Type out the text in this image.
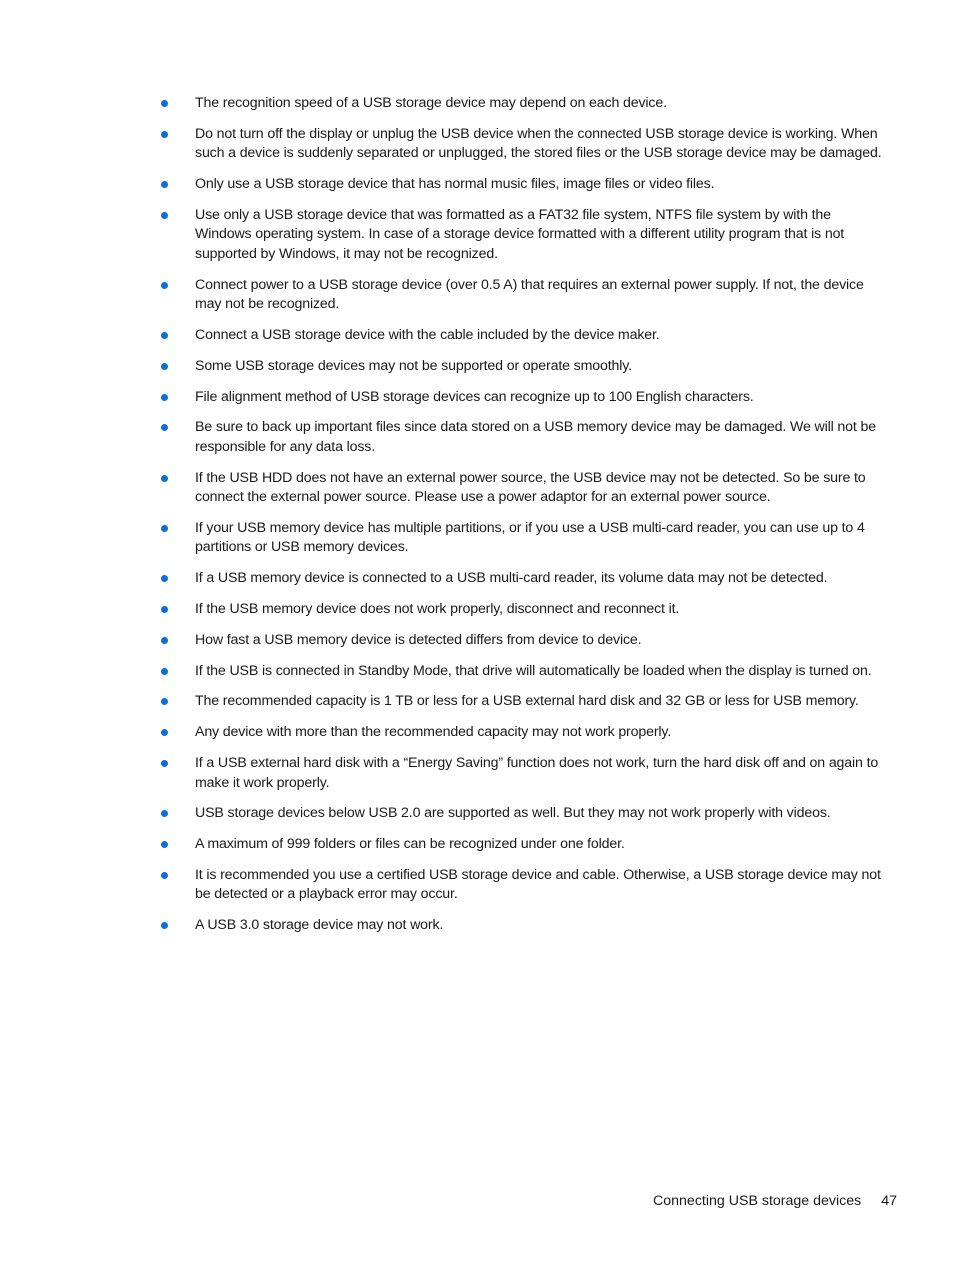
The recognition speed of a USB storage device may depend on each device.
Do not turn off the display or unplug the USB device when the connected USB storage device is working. When such a device is suddenly separated or unplugged, the stored files or the USB storage device may be damaged.
Only use a USB storage device that has normal music files, image files or video files.
Use only a USB storage device that was formatted as a FAT32 file system, NTFS file system by with the Windows operating system. In case of a storage device formatted with a different utility program that is not supported by Windows, it may not be recognized.
Connect power to a USB storage device (over 0.5 A) that requires an external power supply. If not, the device may not be recognized.
Connect a USB storage device with the cable included by the device maker.
Some USB storage devices may not be supported or operate smoothly.
File alignment method of USB storage devices can recognize up to 100 English characters.
Be sure to back up important files since data stored on a USB memory device may be damaged. We will not be responsible for any data loss.
If the USB HDD does not have an external power source, the USB device may not be detected. So be sure to connect the external power source. Please use a power adaptor for an external power source.
If your USB memory device has multiple partitions, or if you use a USB multi-card reader, you can use up to 4 partitions or USB memory devices.
If a USB memory device is connected to a USB multi-card reader, its volume data may not be detected.
If the USB memory device does not work properly, disconnect and reconnect it.
How fast a USB memory device is detected differs from device to device.
If the USB is connected in Standby Mode, that drive will automatically be loaded when the display is turned on.
The recommended capacity is 1 TB or less for a USB external hard disk and 32 GB or less for USB memory.
Any device with more than the recommended capacity may not work properly.
If a USB external hard disk with a “Energy Saving” function does not work, turn the hard disk off and on again to make it work properly.
USB storage devices below USB 2.0 are supported as well. But they may not work properly with videos.
A maximum of 999 folders or files can be recognized under one folder.
It is recommended you use a certified USB storage device and cable. Otherwise, a USB storage device may not be detected or a playback error may occur.
A USB 3.0 storage device may not work.
Connecting USB storage devices 47
